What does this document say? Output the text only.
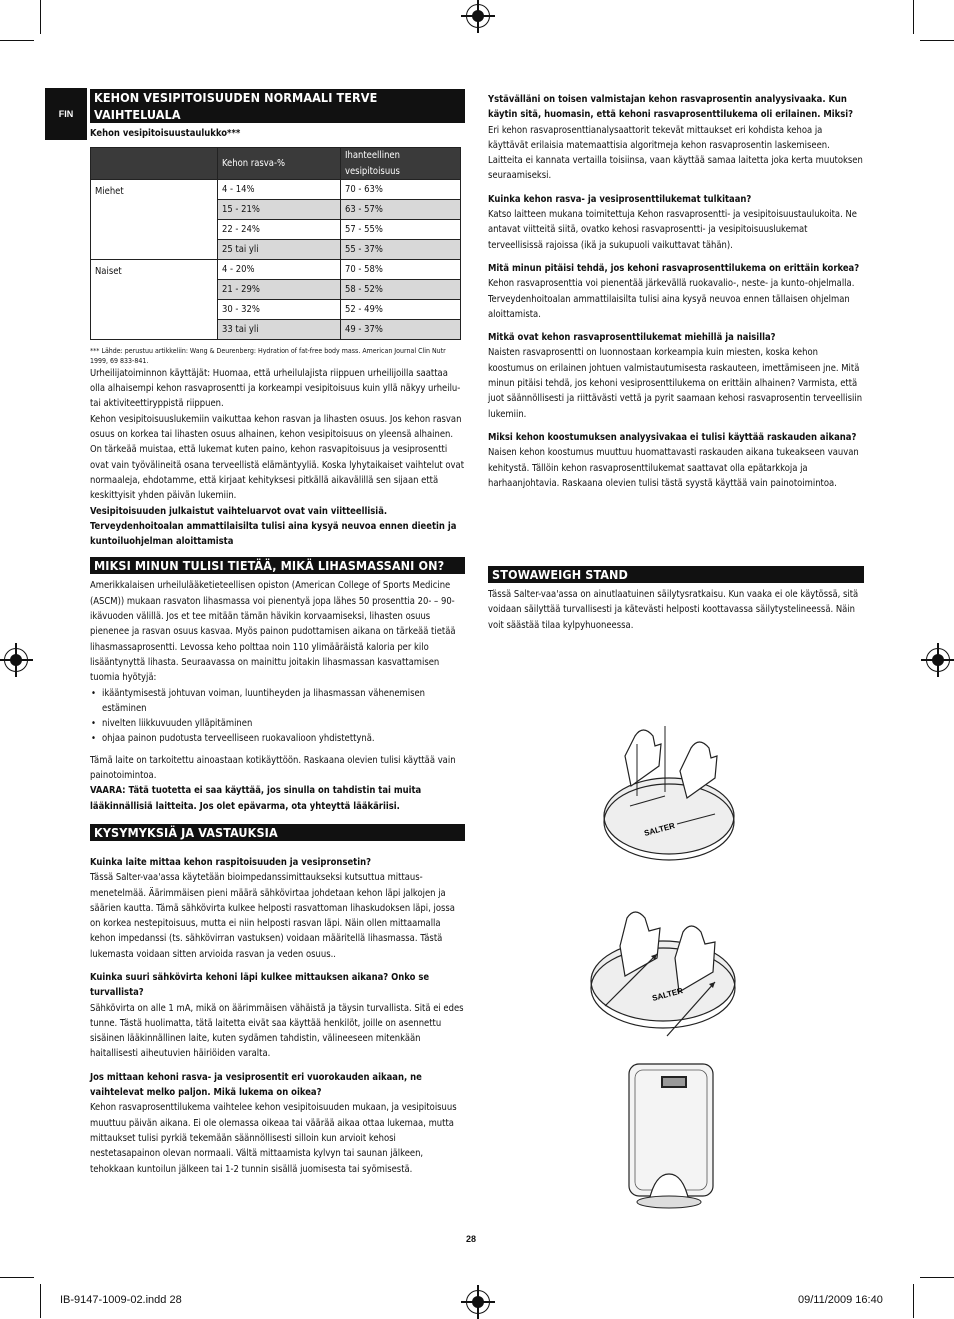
FIN
KEHON VESIPITOISUUDEN NORMAALI TERVE VAIHTELUALA

Kehon vesipitoisuustaulukko***

	Kehon rasva-%	Ihanteellinen vesipitoisuus
Miehet	4 - 14%	70 - 63%
	15 - 21%	63 - 57%
	22 - 24%	57 - 55%
	25 tai yli	55 - 37%
Naiset	4 - 20%	70 - 58%
	21 - 29%	58 - 52%
	30 - 32%	52 - 49%
	33 tai yli	49 - 37%

*** Lähde: perustuu artikkeliin: Wang & Deurenberg: Hydration of fat-free body mass. American Journal Clin Nutr 1999, 69 833-841.

Urheilijatoiminnon käyttäjät: Huomaa, että urheilulajista riippuen urheilijoilla saattaa olla alhaisempi kehon rasvaprosentti ja korkeampi vesipitoisuus kuin yllä näkyy urheilu- tai aktiviteettiryppistä riippuen.

Kehon vesipitoisuuslukemiin vaikuttaa kehon rasvan ja lihasten osuus. Jos kehon rasvan osuus on korkea tai lihasten osuus alhainen, kehon vesipitoisuus on yleensä alhainen. On tärkeää muistaa, että lukemat kuten paino, kehon rasvapitoisuus ja vesiprosentti ovat vain työvälineitä osana terveellistä elämäntyyliä. Koska lyhytaikaiset vaihtelut ovat normaaleja, ehdotamme, että kirjaat kehityksesi pitkällä aikavälillä sen sijaan että keskittyisit yhden päivän lukemiin.

Vesipitoisuuden julkaistut vaihteluarvot ovat vain viitteellisiä.

Terveydenhoitoalan ammattilaisilta tulisi aina kysyä neuvoa ennen dieetin ja kuntoiluohjelman aloittamista

MIKSI MINUN TULISI TIETÄÄ, MIKÄ LIHASMASSANI ON?

Amerikkalaisen urheilulääketieteellisen opiston (American College of Sports Medicine (ASCM)) mukaan rasvaton lihasmassa voi pienentyä jopa lähes 50 prosenttia 20- – 90-ikävuoden välillä. Jos et tee mitään tämän hävikin korvaamiseksi, lihasten osuus pienenee ja rasvan osuus kasvaa. Myös painon pudottamisen aikana on tärkeää tietää lihasmassaprosentti. Levossa keho polttaa noin 110 ylimääräistä kaloria per kilo lisääntynyttä lihasta. Seuraavassa on mainittu joitakin lihasmassan kasvattamisen tuomia hyötyjä:

• ikääntymisestä johtuvan voiman, luuntiheyden ja lihasmassan vähenemisen estäminen
• nivelten liikkuvuuden ylläpitäminen
• ohjaa painon pudotusta terveelliseen ruokavalioon yhdistettynä.

Tämä laite on tarkoitettu ainoastaan kotikäyttöön. Raskaana olevien tulisi käyttää vain painotoimintoa.

VAARA: Tätä tuotetta ei saa käyttää, jos sinulla on tahdistin tai muita lääkinnällisiä laitteita. Jos olet epävarma, ota yhteyttä lääkäriisi.

KYSYMYKSIÄ JA VASTAUKSIA

Kuinka laite mittaa kehon raspitoisuuden ja vesipronsetin?

Tässä Salter-vaa'assa käytetään bioimpedanssimittaukseksi kutsuttua mittaus-menetelmää. Äärimmäisen pieni määrä sähkövirtaa johdetaan kehon läpi jalkojen ja säärien kautta. Tämä sähkövirta kulkee helposti rasvattoman lihaskudoksen läpi, jossa on korkea nestepitoisuus, mutta ei niin helposti rasvan läpi. Näin ollen mittaamalla kehon impedanssi (ts. sähkövirran vastuksen) voidaan määritellä lihasmassa. Tästä lukemasta voidaan sitten arvioida rasvan ja veden osuus..

Kuinka suuri sähkövirta kehoni läpi kulkee mittauksen aikana? Onko se turvallista?

Sähkövirta on alle 1 mA, mikä on äärimmäisen vähäistä ja täysin turvallista. Sitä ei edes tunne. Tästä huolimatta, tätä laitetta eivät saa käyttää henkilöt, joille on asennettu sisäinen lääkinnällinen laite, kuten sydämen tahdistin, välineeseen mitenkään haitallisesti aiheutuvien häiriöiden varalta.

Jos mittaan kehoni rasva- ja vesiprosentit eri vuorokauden aikaan, ne vaihtelevat melko paljon. Mikä lukema on oikea?

Kehon rasvaprosenttilukema vaihtelee kehon vesipitoisuuden mukaan, ja vesipitoisuus muuttuu päivän aikana. Ei ole olemassa oikeaa tai väärää aikaa ottaa lukemaa, mutta mittaukset tulisi pyrkiä tekemään säännöllisesti silloin kun arvioit kehosi nestetasapainon olevan normaali. Vältä mittaamista kylvyn tai saunan jälkeen, tehokkaan kuntoilun jälkeen tai 1-2 tunnin sisällä juomisesta tai syömisestä.

Ystävälläni on toisen valmistajan kehon rasvaprosentin analyysivaaka. Kun käytin sitä, huomasin, että kehoni rasvaprosenttilukema oli erilainen. Miksi?

Eri kehon rasvaprosenttianalysaattorit tekevät mittaukset eri kohdista kehoa ja käyttävät erilaisia matemaattisia algoritmeja kehon rasvaprosentin laskemiseen. Laitteita ei kannata vertailla toisiinsa, vaan käyttää samaa laitetta joka kerta muutoksen seuraamiseksi.

Kuinka kehon rasva- ja vesiprosenttilukemat tulkitaan?

Katso laitteen mukana toimitettuja Kehon rasvaprosentti- ja vesipitoisuustaulukoita. Ne antavat viitteitä siitä, ovatko kehosi rasvaprosentti- ja vesipitoisuuslukemat terveellisissä rajoissa (ikä ja sukupuoli vaikuttavat tähän).

Mitä minun pitäisi tehdä, jos kehoni rasvaprosenttilukema on erittäin korkea?

Kehon rasvaprosenttia voi pienentää järkevällä ruokavalio-, neste- ja kunto-ohjelmalla. Terveydenhoitoalan ammattilaisilta tulisi aina kysyä neuvoa ennen tällaisen ohjelman aloittamista.

Mitkä ovat kehon rasvaprosenttilukemat miehillä ja naisilla?

Naisten rasvaprosentti on luonnostaan korkeampia kuin miesten, koska kehon koostumus on erilainen johtuen valmistautumisesta raskauteen, imettämiseen jne. Mitä minun pitäisi tehdä, jos kehoni vesiprosenttilukema on erittäin alhainen? Varmista, että juot säännöllisesti ja riittävästi vettä ja pyrit saamaan kehosi rasvaprosentin terveellisiin lukemiin.

Miksi kehon koostumuksen analyysivakaa ei tulisi käyttää raskauden aikana?

Naisen kehon koostumus muuttuu huomattavasti raskauden aikana tukeakseen vauvan kehitystä. Tällöin kehon rasvaprosenttilukemat saattavat olla epätarkkoja ja harhaanjohtavia. Raskaana olevien tulisi tästä syystä käyttää vain painotoimintoa.

STOWAWEIGH STAND

Tässä Salter-vaa'assa on ainutlaatuinen säilytysratkaisu. Kun vaaka ei ole käytössä, sitä voidaan säilyttää turvallisesti ja kätevästi helposti koottavassa säilytystelineessä. Näin voit säästää tilaa kylpyhuoneessa.

SALTER
SALTER
28
IB-9147-1009-02.indd 28	09/11/2009 16:40
